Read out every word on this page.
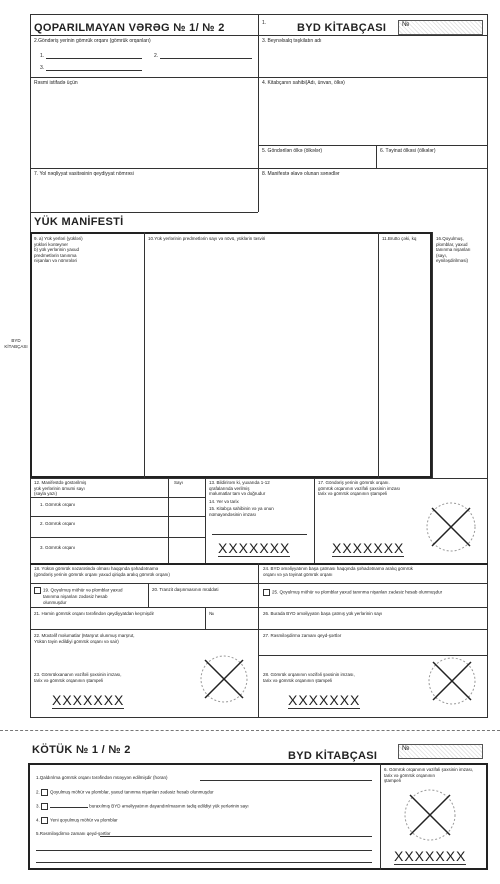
QOPARILMAYAN VƏRƏG № 1/ № 2	1.	BYD KİTABÇASI	№
2.Göndəriş yerinin gömrük orqanı (gömrük orqanları)
1.	2.
3.
3. Beynəlxalq təşkilatın adı
Rəsmi istifadə üçün	4. Kitabçanın sahibi(Adı, ünvan, ölkə)
5. Göndərilən ölkə (ölkələr)	6. Təyinat ölkəsi (ölkələr)
7. Yol nəqliyyat vasitəsinin qeydiyyat nömrəsi	8. Manifestə əlavə olunan sənədlər
YÜK MANİFESTİ
9. a) Yük yerləri (yükləri)
yükləri konteyner
b) yük yerlərinin yaxud
predmetlərin tanınma
nişanları və nömrələri
10.Yük yerlərinin predmetlərin sayı və növü, yüklərin təsviri	11.Brutto çəki, kq	16.Qoyulmuş,
plomblar, yaxud
tanınma nişanları
(sayı,
eyniləşdirilməsi)
BYD
KİTABÇASI
12. Manifestdə göstərilmiş
yük yerlərinin ümumi sayı
(sayla yazı)
Sayı
1. Gömrük orqanı
2. Gömrük orqanı
3. Gömrük orqanı
13. Bildirirəm ki, yuxarıda 1-12
qrafalarında verilmiş
məlumatlar tam və doğrudur
14. Yer və tarix
15. Kitabça sahibinin və ya onun
nümayəndəsinin imzası
XXXXXXX
17. Göndəriş yerinin gömrük orqanı.
gömrük orqanının vəzifəli şəxsinin imzası
tarix və gömrük orqanının ştampeli
XXXXXXX
18. Yükün gömrük nəzarətində olması haqqında şəhadətnamə
(göndəriş yerinin gömrük orqanı yaxud qiriqda aralıq gömrük orqanı)
19. Qoyulmuş möhür və plomblar yaxud
tanınma nişanları zədəsiz hesab
olunmuşdur
20. Tranzit daşınmasının müddəti
21. Həmin gömrük orqanı tərəfindən qeydiyyatdan keçmişdir	№
22. Müxtəlif məlumatlar (Marşrut olunmuş marşrut,
Yükün təyin edildiyi gömrük orqanı və sair)
23. Gömrükxananın vəzifəli şəxsinin imzası,
tarix və gömrük orqanının ştampeli
XXXXXXX
24. BYD əməliyyatının başa çatması haqqında şəhadətnamə aralıq gömrük
orqanı və ya təyinat gömrük orqanı
25. Qoyulmuş möhür və plomblar yaxud tanınma nişanları zədəsiz hesab olunmuşdur
26. Burada BYD əməliyyatın başa çatmış yük yerlərinin sayı
27. Rəsmiləşdirmə zamanı qeyd-şərtlər
28. Gömrük orqanının vəzifəli şəxsinin imzası,
tarix və gömrük orqanının ştampeli
XXXXXXX
KÖTÜK № 1 / № 2	BYD KİTABÇASI
№
1.Qaldırılma gömrük orqanı tərəfindən müəyyən edilmişdir (horan)
2. Qoyulmuş möhür və plomblar, yaxud tanınma nişanları zədəsiz hesab olunmuşdur
3.	buraxılmış BYD əməliyyatının dayandırılmasının tədiq edildiyi yük yerlərinin sayı
4. Yeni qoyulmuş möhür və plomblar
5.Rəsmiləşdirmə zamanı qeyd-şərtlər
6. Gömrük orqanının vəzifəli şəxsinin imzası,
tarix və gömrük orqanının
ştampeli
XXXXXXX
